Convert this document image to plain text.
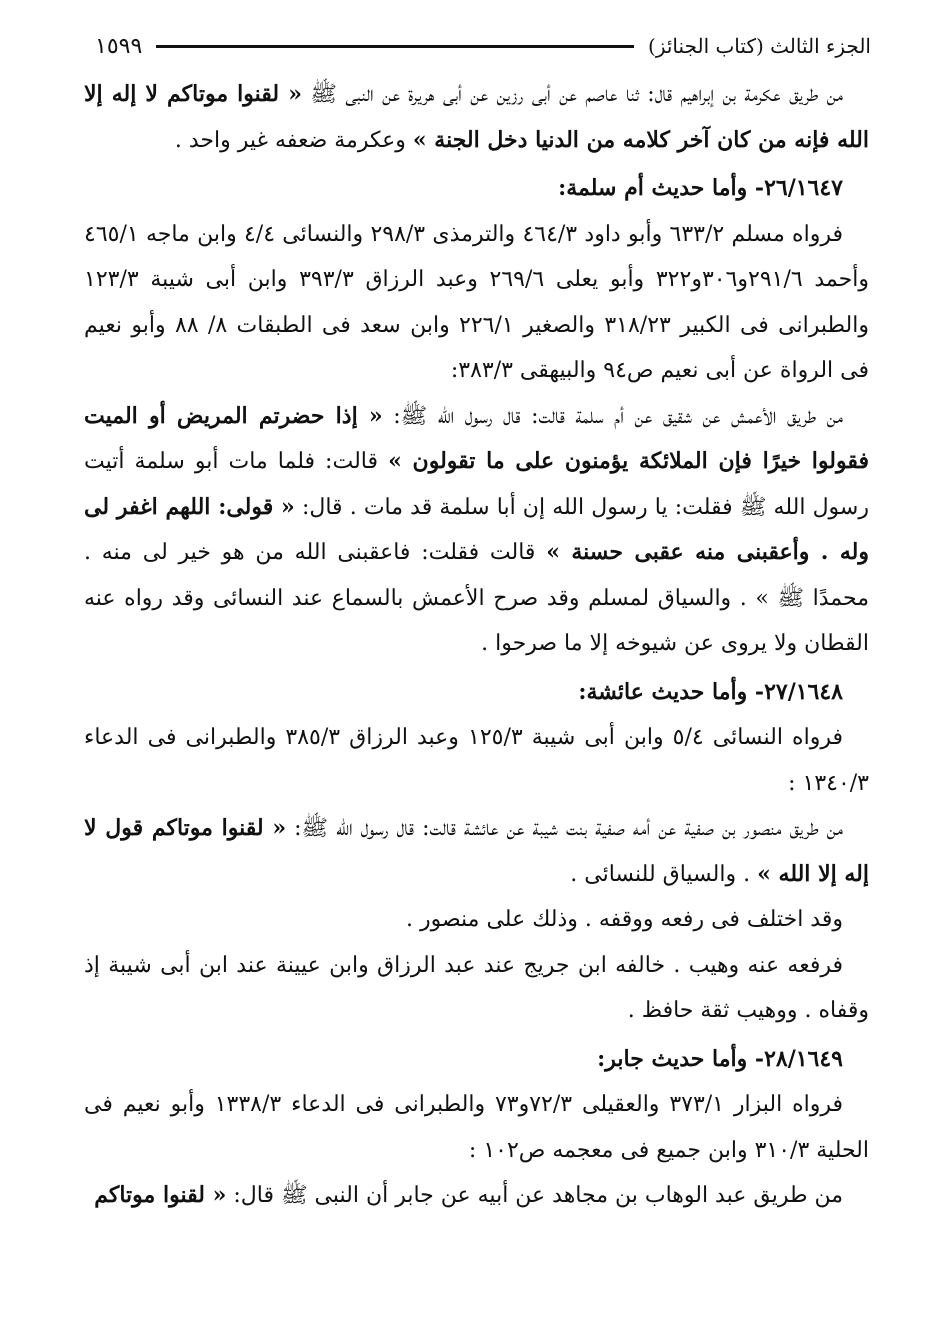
الجزء الثالث (كتاب الجنائز)
١٥٩٩

من طريق عكرمة بن إبراهيم قال: ثنا عاصم عن أبى رزين عن أبى هريرة عن النبى ﷺ « لقنوا موتاكم لا إله إلا الله فإنه من كان آخر كلامه من الدنيا دخل الجنة » وعكرمة ضعفه غير واحد .

٢٦/١٦٤٧- وأما حديث أم سلمة:

فرواه مسلم ٦٣٣/٢ وأبو داود ٤٦٤/٣ والترمذى ٢٩٨/٣ والنسائى ٤/٤ وابن ماجه ٤٦٥/١ وأحمد ٢٩١/٦و٣٠٦و٣٢٢ وأبو يعلى ٢٦٩/٦ وعبد الرزاق ٣٩٣/٣ وابن أبى شيبة ١٢٣/٣ والطبرانى فى الكبير ٣١٨/٢٣ والصغير ٢٢٦/١ وابن سعد فى الطبقات ٨/ ٨٨ وأبو نعيم فى الرواة عن أبى نعيم ص٩٤ والبيهقى ٣٨٣/٣:

من طريق الأعمش عن شقيق عن أم سلمة قالت: قال رسول الله ﷺ: « إذا حضرتم المريض أو الميت فقولوا خيرًا فإن الملائكة يؤمنون على ما تقولون » قالت: فلما مات أبو سلمة أتيت رسول الله ﷺ فقلت: يا رسول الله إن أبا سلمة قد مات . قال: « قولى: اللهم اغفر لى وله . وأعقبنى منه عقبى حسنة » قالت فقلت: فاعقبنى الله من هو خير لى منه . محمدًا ﷺ » . والسياق لمسلم وقد صرح الأعمش بالسماع عند النسائى وقد رواه عنه القطان ولا يروى عن شيوخه إلا ما صرحوا .

٢٧/١٦٤٨- وأما حديث عائشة:

فرواه النسائى ٥/٤ وابن أبى شيبة ١٢٥/٣ وعبد الرزاق ٣٨٥/٣ والطبرانى فى الدعاء ١٣٤٠/٣ :

من طريق منصور بن صفية عن أمه صفية بنت شيبة عن عائشة قالت: قال رسول الله ﷺ: « لقنوا موتاكم قول لا إله إلا الله » . والسياق للنسائى .

وقد اختلف فى رفعه ووقفه . وذلك على منصور .

فرفعه عنه وهيب . خالفه ابن جريج عند عبد الرزاق وابن عيينة عند ابن أبى شيبة إذ وقفاه . ووهيب ثقة حافظ .

٢٨/١٦٤٩- وأما حديث جابر:

فرواه البزار ٣٧٣/١ والعقيلى ٧٢/٣و٧٣ والطبرانى فى الدعاء ١٣٣٨/٣ وأبو نعيم فى الحلية ٣١٠/٣ وابن جميع فى معجمه ص١٠٢ :

من طريق عبد الوهاب بن مجاهد عن أبيه عن جابر أن النبى ﷺ قال: « لقنوا موتاكم
